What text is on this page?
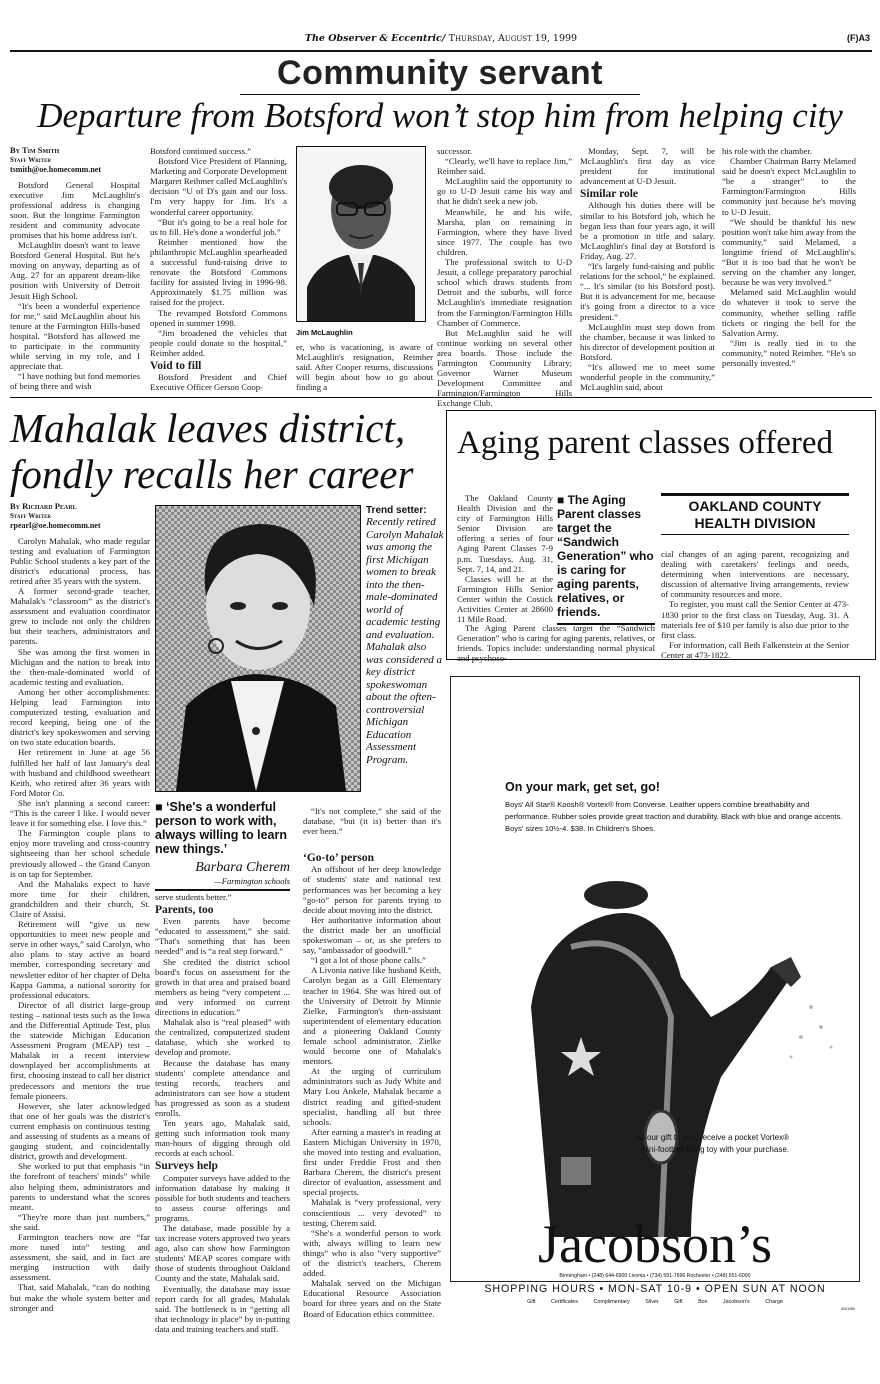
The Observer & Eccentric/ Thursday, August 19, 1999	(F)A3
Community servant
Departure from Botsford won’t stop him from helping city
By Tim Smith
Staff Writer
tsmith@oe.homecomm.net

Botsford General Hospital executive Jim McLaughlin's professional address is changing soon. But the longtime Farmington resident and community advocate promises that his home address isn't.

McLaughlin doesn't want to leave Botsford General Hospital. But he's moving on anyway, departing as of Aug. 27 for an apparent dream-like position with University of Detroit Jesuit High School.

“It's been a wonderful experience for me,” said McLaughlin about his tenure at the Farmington Hills-based hospital. “Botsford has allowed me to participate in the community while serving in my role, and I appreciate that.

“I have nothing but fond memories of being there and wish

Botsford continued success.”

Botsford Vice President of Planning, Marketing and Corporate Development Margaret Reihmer called McLaughlin's decision “U of D's gain and our loss. I'm very happy for Jim. It's a wonderful career opportunity.

“But it's going to be a real hole for us to fill. He's done a wonderful job.”

Reimher mentioned how the philanthropic McLaughlin spearheaded a successful fund-raising drive to renovate the Botsford Commons facility for assisted living in 1996-98. Approximately $1.75 million was raised for the project.

The revamped Botsford Commons opened in summer 1998.

“Jim broadened the vehicles that people could donate to the hospital,” Reimher added.

Void to fill

Botsford President and Chief Executive Officer Gerson Coop-

Jim McLaughlin

er, who is vacationing, is aware of McLaughlin's resignation, Reimher said. After Cooper returns, discussions will begin about how to go about finding a

successor.

“Clearly, we'll have to replace Jim,” Reimher said.

McLaughlin said the opportunity to go to U-D Jesuit came his way and that he didn't seek a new job.

Meanwhile, he and his wife, Marsha, plan on remaining in Farmington, where they have lived since 1977. The couple has two children.

The professional switch to U-D Jesuit, a college preparatory parochial school which draws students from Detroit and the suburbs, will force McLaughlin's immediate resignation from the Farmington/Farmington Hills Chamber of Commerce.

But McLaughlin said he will continue working on several other area boards. Those include the Farmington Community Library; Governor Warner Museum Development Committee and Farmington/Farmington Hills Exchange Club.

Monday, Sept. 7, will be McLaughlin's first day as vice president for institutional advancement at U-D Jesuit.

Similar role

Although his duties there will be similar to his Botsford job, which he began less than four years ago, it will be a promotion in title and salary. McLaughlin's final day at Botsford is Friday, Aug. 27.

“It's largely fund-raising and public relations for the school,” he explained. “... It's similar (to his Botsford post). But it is advancement for me, because it's going from a director to a vice president.”

McLaughlin must step down from the chamber, because it was linked to his director of development position at Botsford.

“It's allowed me to meet some wonderful people in the community,” McLaughlin said, about

his role with the chamber.

Chamber Chairman Barry Melamed said he doesn't expect McLaughlin to “be a stranger” to the Farmington/Farmington Hills community just because he's moving to U-D Jesuit.

“We should be thankful his new position won't take him away from the community,” said Melamed, a longtime friend of McLaughlin's. “But it is too bad that he won't be serving on the chamber any longer, because he was very involved.”

Melamed said McLaughlin would do whatever it took to serve the community, whether selling raffle tickets or ringing the bell for the Salvation Army.

“Jim is really tied in to the community,” noted Reimher. “He's so personally invested.”

Mahalak leaves district,
fondly recalls her career
By Richard Pearl
Staff Writer
rpearl@oe.homecomm.net

Carolyn Mahalak, who made regular testing and evaluation of Farmington Public School students a key part of the district's educational process, has retired after 35 years with the system.

A former second-grade teacher, Mahalak's “classroom” as the district's assessment and evaluation coordinator grew to include not only the children but their teachers, administrators and parents.

She was among the first women in Michigan and the nation to break into the then-male-dominated world of academic testing and evaluation.

Among her other accomplishments: Helping lead Farmington into computerized testing, evaluation and record keeping, being one of the district's key spokeswomen and serving on two state education boards.

Her retirement in June at age 56 fulfilled her half of last January's deal with husband and childhood sweetheart Keith, who retired after 36 years with Ford Motor Co.

She isn't planning a second career: “This is the career I like. I would never leave it for something else. I love this.”

The Farmington couple plans to enjoy more traveling and cross-country sightseeing than her school schedule previously allowed – the Grand Canyon is on tap for September.

And the Mahalaks expect to have more time for their children, grandchildren and their church, St. Claire of Assisi.

Retirement will “give us new opportunities to meet new people and serve in other ways,” said Carolyn, who also plans to stay active as board member, corresponding secretary and newsletter editor of her chapter of Delta Kappa Gamma, a national sorority for professional educators.

Director of all district large-group testing – national tests such as the Iowa and the Differential Aptitude Test, plus the statewide Michigan Education Assessment Program (MEAP) test – Mahalak in a recent interview downplayed her accomplishments at first, choosing instead to call her district predecessors and mentors the true female pioneers.

However, she later acknowledged that one of her goals was the district's current emphasis on continuous testing and assessing of students as a means of gauging student, and coincidentally district, growth and development.

She worked to put that emphasis “in the forefront of teachers' minds” while also helping them, administrators and parents to understand what the scores meant.

“They're more than just numbers,” she said.

Farmington teachers now are “far more tuned into” testing and assessment, she said, and in fact are merging instruction with daily assessment.

That, said Mahalak, “can do nothing but make the whole system better and stronger and

Trend setter:
Recently retired Carolyn Mahalak was among the first Michigan women to break into the then-male-dominated world of academic testing and evaluation. Mahalak also was considered a key district spokeswoman about the often-controversial Michigan Education Assessment Program.
■ ‘She's a wonderful person to work with, always willing to learn new things.’
Barbara Cherem
—Farmington schools

serve students better.”

Parents, too

Even parents have become “educated to assessment,” she said. “That's something that has been needed” and is “a real step forward.”

She credited the district school board's focus on assessment for the growth in that area and praised board members as being “very competent ... and very informed on current directions in education.”

Mahalak also is “real pleased” with the centralized, computerized student database, which she worked to develop and promote.

Because the database has many students' complete attendance and testing records, teachers and administrators can see how a student has progressed as soon as a student enrolls.

Ten years ago, Mahalak said, getting such information took many man-hours of digging through old records at each school.

Surveys help

Computer surveys have added to the information database by making it possible for both students and teachers to assess course offerings and programs.

The database, made possible by a tax increase voters approved two years ago, also can show how Farmington students' MEAP scores compare with those of students throughout Oakland County and the state, Mahalak said.

Eventually, the database may issue report cards for all grades, Mahalak said. The bottleneck is in “getting all that technology in place” by in-putting data and training teachers and staff.

“It's not complete,” she said of the database, “but (it is) better than it's ever been.”

‘Go-to’ person

An offshoot of her deep knowledge of students' state and national test performances was her becoming a key “go-to” person for parents trying to decide about moving into the district.

Her authoritative information about the district made her an unofficial spokeswoman – or, as she prefers to say, “ambassador of goodwill.”

“I got a lot of those phone calls.”

A Livonia native like husband Keith, Carolyn began as a Gill Elementary teacher in 1964. She was hired out of the University of Detroit by Minnie Zielke, Farmington's then-assistant superintendent of elementary education and a pioneering Oakland County female school administrator. Zielke would become one of Mahalak's mentors.

At the urging of curriculum administrators such as Judy White and Mary Lou Ankele, Mahalak became a district reading and gifted-student specialist, handling all but three schools.

After earning a master's in reading at Eastern Michigan University in 1970, she moved into testing and evaluation, first under Freddie Frost and then Barbara Cherem, the district's present director of evaluation, assessment and special projects.

Mahalak is “very professional, very conscientious ... very devoted” to testing, Cherem said.

“She's a wonderful person to work with, always willing to learn new things” who is also “very supportive” of the district's teachers, Cherem added.

Mahalak served on the Michigan Educational Resource Association board for three years and on the State Board of Education ethics committee.

Aging parent classes offered

The Oakland County Health Division and the city of Farmington Hills Senior Division are offering a series of four Aging Parent Classes 7-9 p.m. Tuesdays, Aug. 31, Sept. 7, 14, and 21.

Classes will be at the Farmington Hills Senior Center within the Costick Activities Center at 28600 11 Mile Road.

The Aging Parent classes target the “Sandwich Generation” who is caring for aging parents, relatives, or friends. Topics include: understanding normal physical and psychoso-

■ The Aging Parent classes target the “Sandwich Generation” who is caring for aging parents, relatives, or friends.
OAKLAND COUNTY HEALTH DIVISION

cial changes of an aging parent, recognizing and dealing with caretakers' feelings and needs, determining when interventions are necessary, discussion of alternative living arrangements, review of community resources and more.

To register, you must call the Senior Center at 473-1830 prior to the first class on Tuesday, Aug. 31. A materials fee of $10 per family is also due prior to the first class.

For information, call Beth Falkenstein at the Senior Center at 473-1822.

On your mark, get set, go!
Boys' All Star® Koosh® Vortex® from Converse. Leather uppers combine breathability and performance. Rubber soles provide great traction and durability. Black with blue and orange accents. Boys' sizes 10½-4. $38. In Children's Shoes.
As our gift to you, receive a pocket Vortex® mini-football flying toy with your purchase.
Jacobson’s
Birmingham • (248) 644-6900 Livonia • (734) 591-7696 Rochester • (248) 651-6000
SHOPPING HOURS • MON-SAT 10-9 • OPEN SUN AT NOON
Gift Certificates	Complimentary Silver Gift Box	Jacobson's Charge
8/4/1989
